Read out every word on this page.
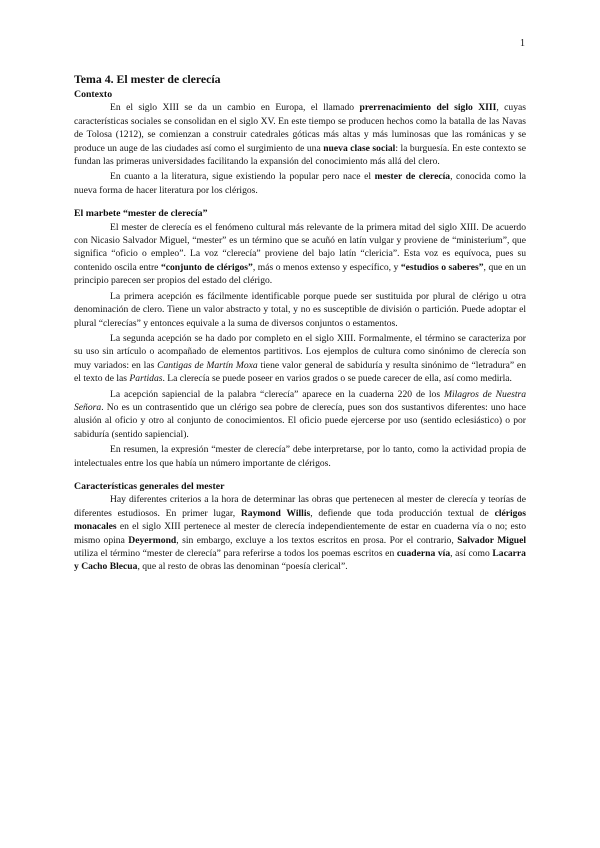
1
Tema 4. El mester de clerecía
Contexto

En el siglo XIII se da un cambio en Europa, el llamado prerrenacimiento del siglo XIII, cuyas características sociales se consolidan en el siglo XV. En este tiempo se producen hechos como la batalla de las Navas de Tolosa (1212), se comienzan a construir catedrales góticas más altas y más luminosas que las románicas y se produce un auge de las ciudades así como el surgimiento de una nueva clase social: la burguesía. En este contexto se fundan las primeras universidades facilitando la expansión del conocimiento más allá del clero.

En cuanto a la literatura, sigue existiendo la popular pero nace el mester de clerecía, conocida como la nueva forma de hacer literatura por los clérigos.

El marbete “mester de clerecía”

El mester de clerecía es el fenómeno cultural más relevante de la primera mitad del siglo XIII. De acuerdo con Nicasio Salvador Miguel, “mester” es un término que se acuñó en latín vulgar y proviene de “ministerium”, que significa “oficio o empleo”. La voz “clerecía” proviene del bajo latín “clericia”. Esta voz es equívoca, pues su contenido oscila entre “conjunto de clérigos”, más o menos extenso y específico, y “estudios o saberes”, que en un principio parecen ser propios del estado del clérigo.

La primera acepción es fácilmente identificable porque puede ser sustituida por plural de clérigo u otra denominación de clero. Tiene un valor abstracto y total, y no es susceptible de división o partición. Puede adoptar el plural “clerecías” y entonces equivale a la suma de diversos conjuntos o estamentos.

La segunda acepción se ha dado por completo en el siglo XIII. Formalmente, el término se caracteriza por su uso sin artículo o acompañado de elementos partitivos. Los ejemplos de cultura como sinónimo de clerecía son muy variados: en las Cantigas de Martín Moxa tiene valor general de sabiduría y resulta sinónimo de “letradura” en el texto de las Partidas. La clerecía se puede poseer en varios grados o se puede carecer de ella, así como medirla.

La acepción sapiencial de la palabra “clerecía” aparece en la cuaderna 220 de los Milagros de Nuestra Señora. No es un contrasentido que un clérigo sea pobre de clerecía, pues son dos sustantivos diferentes: uno hace alusión al oficio y otro al conjunto de conocimientos. El oficio puede ejercerse por uso (sentido eclesiástico) o por sabiduría (sentido sapiencial).

En resumen, la expresión “mester de clerecía” debe interpretarse, por lo tanto, como la actividad propia de intelectuales entre los que había un número importante de clérigos.

Características generales del mester

Hay diferentes criterios a la hora de determinar las obras que pertenecen al mester de clerecía y teorías de diferentes estudiosos. En primer lugar, Raymond Willis, defiende que toda producción textual de clérigos monacales en el siglo XIII pertenece al mester de clerecía independientemente de estar en cuaderna vía o no; esto mismo opina Deyermond, sin embargo, excluye a los textos escritos en prosa. Por el contrario, Salvador Miguel utiliza el término “mester de clerecía” para referirse a todos los poemas escritos en cuaderna vía, así como Lacarra y Cacho Blecua, que al resto de obras las denominan “poesía clerical”.
